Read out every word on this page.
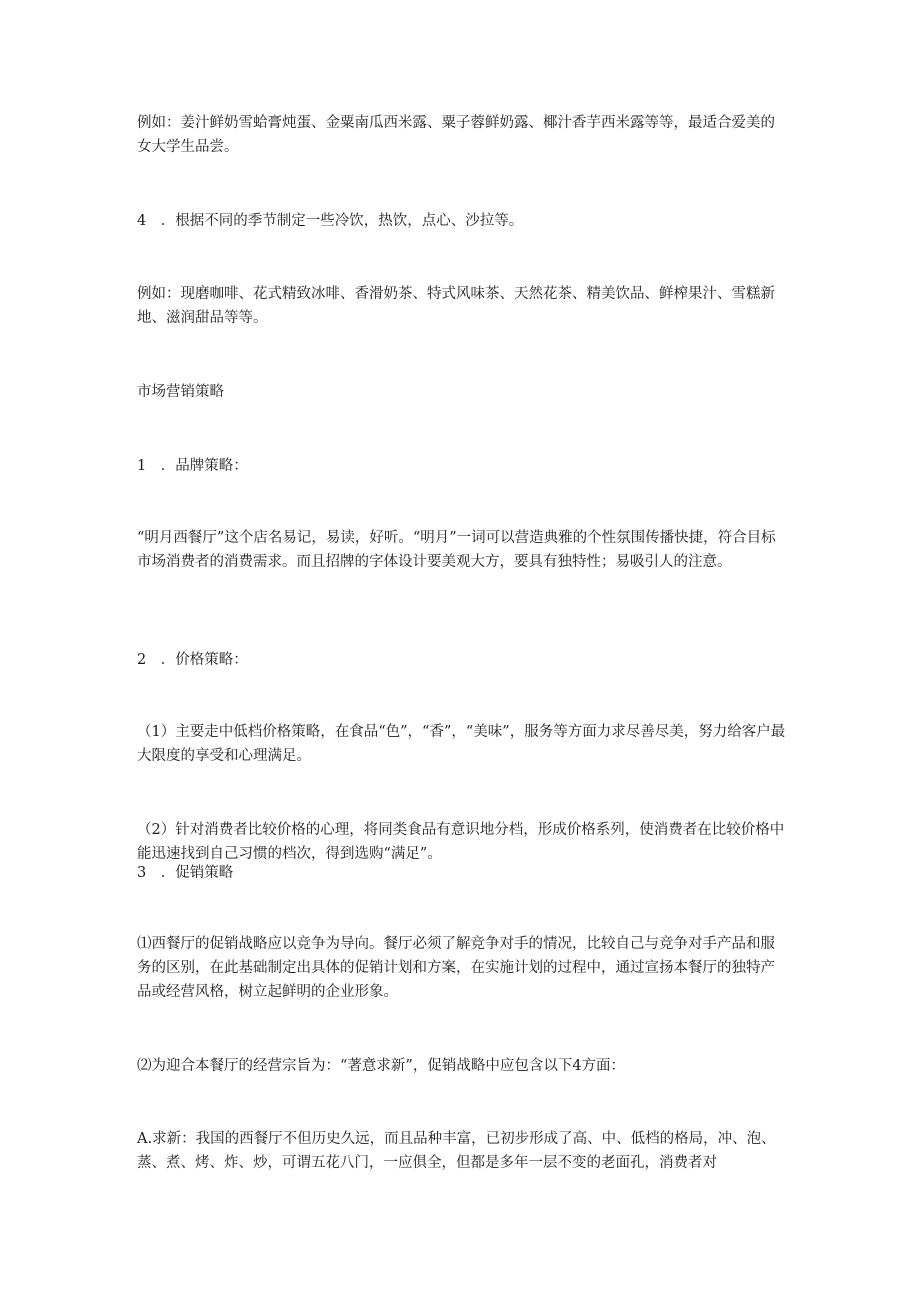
例如：姜汁鲜奶雪蛤膏炖蛋、金粟南瓜西米露、粟子蓉鲜奶露、椰汁香芋西米露等等，最适合爱美的女大学生品尝。

4　．根据不同的季节制定一些冷饮，热饮，点心、沙拉等。

例如：现磨咖啡、花式精致冰啡、香滑奶茶、特式风味茶、天然花茶、精美饮品、鲜榨果汁、雪糕新地、滋润甜品等等。

市场营销策略

1　．品牌策略：

“明月西餐厅”这个店名易记，易读，好听。“明月”一词可以营造典雅的个性氛围传播快捷，符合目标市场消费者的消费需求。而且招牌的字体设计要美观大方，要具有独特性；易吸引人的注意。

2　．价格策略：

（1）主要走中低档价格策略，在食品“色”，“香”，“美味”，服务等方面力求尽善尽美，努力给客户最大限度的享受和心理满足。

（2）针对消费者比较价格的心理，将同类食品有意识地分档，形成价格系列，使消费者在比较价格中能迅速找到自己习惯的档次，得到选购“满足”。

3　．促销策略

⑴西餐厅的促销战略应以竞争为导向。餐厅必须了解竞争对手的情况，比较自己与竞争对手产品和服务的区别，在此基础制定出具体的促销计划和方案，在实施计划的过程中，通过宣扬本餐厅的独特产品或经营风格，树立起鲜明的企业形象。

⑵为迎合本餐厅的经营宗旨为：“著意求新”，促销战略中应包含以下4方面：

A.求新：我国的西餐厅不但历史久远，而且品种丰富，已初步形成了高、中、低档的格局，冲、泡、蒸、煮、烤、炸、炒，可谓五花八门，一应俱全，但都是多年一层不变的老面孔，消费者对
